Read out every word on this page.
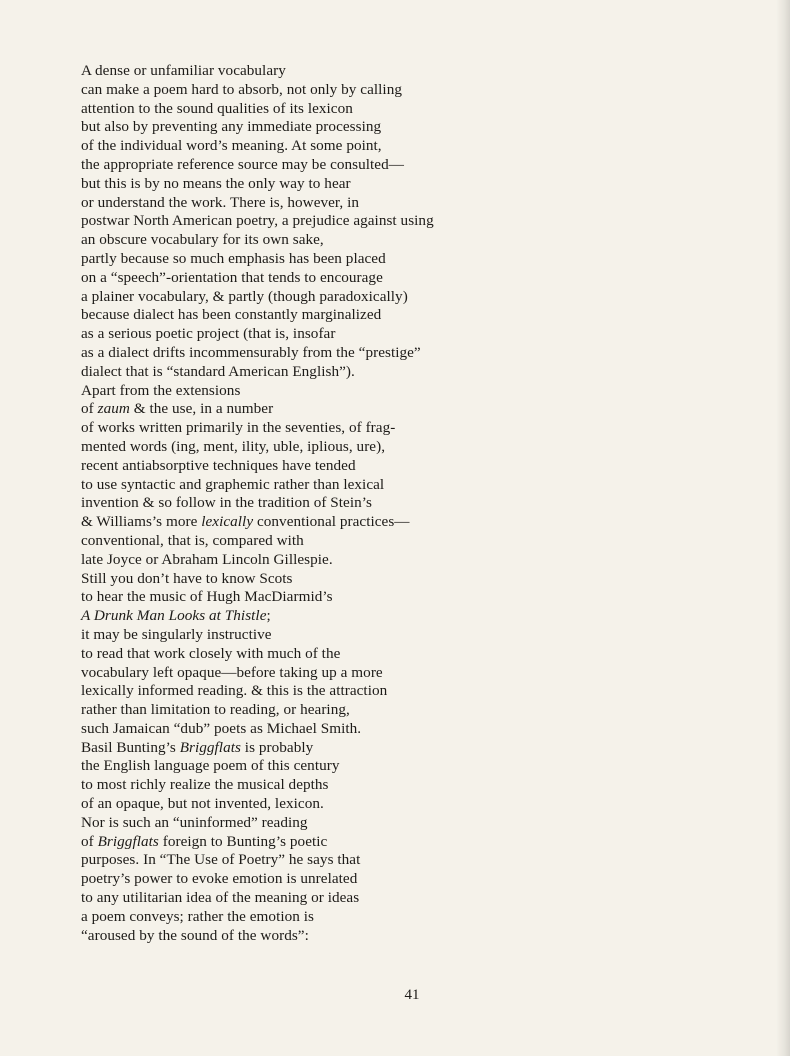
A dense or unfamiliar vocabulary
can make a poem hard to absorb, not only by calling
attention to the sound qualities of its lexicon
but also by preventing any immediate processing
of the individual word’s meaning. At some point,
the appropriate reference source may be consulted—
but this is by no means the only way to hear
or understand the work. There is, however, in
postwar North American poetry, a prejudice against using
an obscure vocabulary for its own sake,
partly because so much emphasis has been placed
on a “speech”-orientation that tends to encourage
a plainer vocabulary, & partly (though paradoxically)
because dialect has been constantly marginalized
as a serious poetic project (that is, insofar
as a dialect drifts incommensurably from the “prestige”
dialect that is “standard American English”).
Apart from the extensions
of zaum & the use, in a number
of works written primarily in the seventies, of frag-
mented words (ing, ment, ility, uble, iplious, ure),
recent antiabsorptive techniques have tended
to use syntactic and graphemic rather than lexical
invention & so follow in the tradition of Stein’s
& Williams’s more lexically conventional practices—
conventional, that is, compared with
late Joyce or Abraham Lincoln Gillespie.
Still you don’t have to know Scots
to hear the music of Hugh MacDiarmid’s
A Drunk Man Looks at Thistle;
it may be singularly instructive
to read that work closely with much of the
vocabulary left opaque—before taking up a more
lexically informed reading. & this is the attraction
rather than limitation to reading, or hearing,
such Jamaican “dub” poets as Michael Smith.
Basil Bunting’s Briggflats is probably
the English language poem of this century
to most richly realize the musical depths
of an opaque, but not invented, lexicon.
Nor is such an “uninformed” reading
of Briggflats foreign to Bunting’s poetic
purposes. In “The Use of Poetry” he says that
poetry’s power to evoke emotion is unrelated
to any utilitarian idea of the meaning or ideas
a poem conveys; rather the emotion is
“aroused by the sound of the words”:
41
